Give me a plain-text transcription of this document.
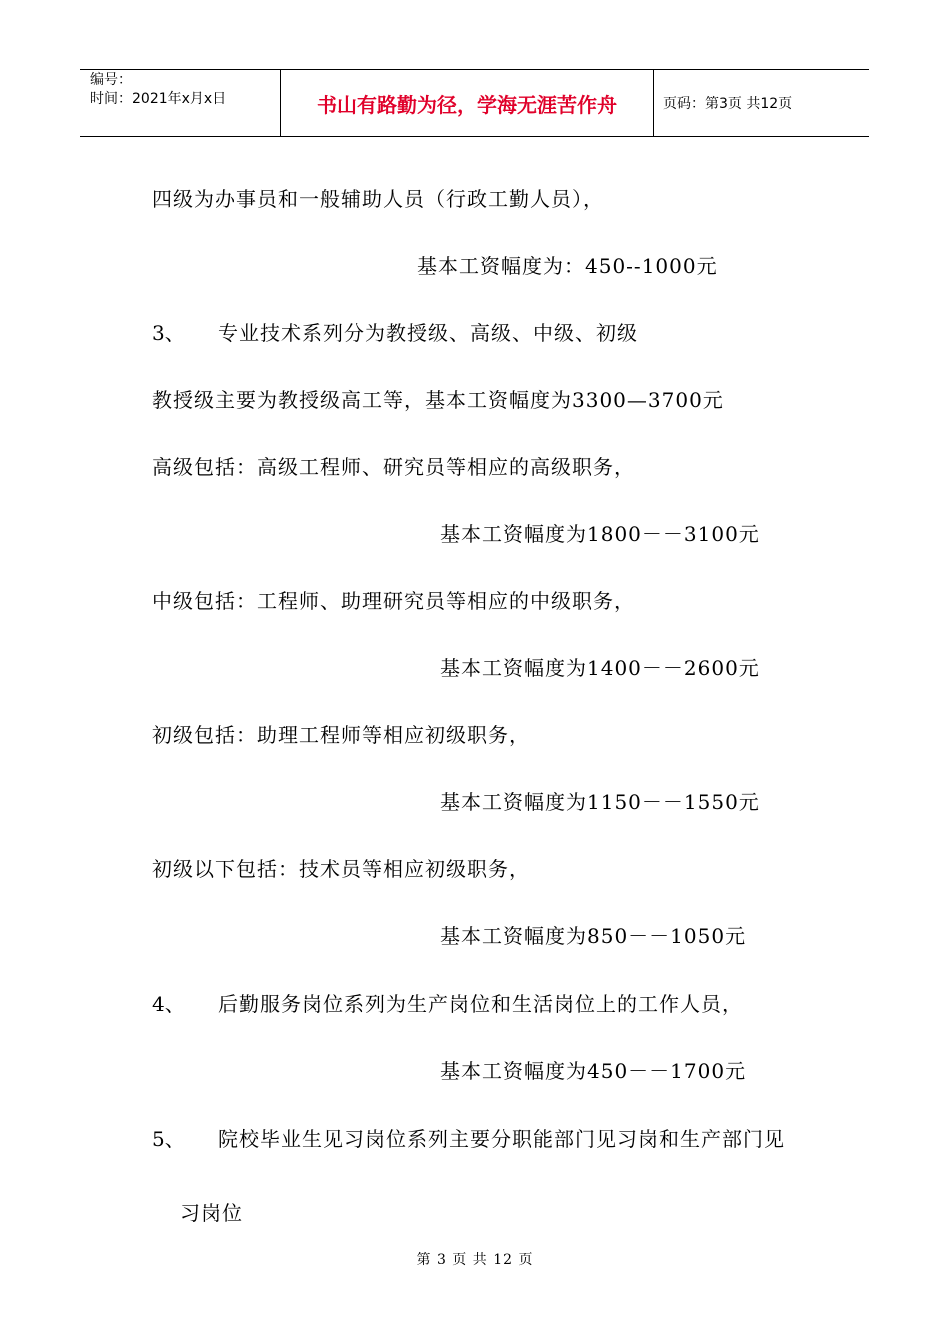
编号：
时间：2021年x月x日	书山有路勤为径，学海无涯苦作舟	页码：第3页 共12页
四级为办事员和一般辅助人员（行政工勤人员），
基本工资幅度为：450--1000元
3、 专业技术系列分为教授级、高级、中级、初级
教授级主要为教授级高工等，基本工资幅度为3300—3700元
高级包括：高级工程师、研究员等相应的高级职务，
基本工资幅度为1800－－3100元
中级包括：工程师、助理研究员等相应的中级职务，
基本工资幅度为1400－－2600元
初级包括：助理工程师等相应初级职务，
基本工资幅度为1150－－1550元
初级以下包括：技术员等相应初级职务，
基本工资幅度为850－－1050元
4、 后勤服务岗位系列为生产岗位和生活岗位上的工作人员，
基本工资幅度为450－－1700元
5、 院校毕业生见习岗位系列主要分职能部门见习岗和生产部门见
习岗位
第 3 页 共 12 页
